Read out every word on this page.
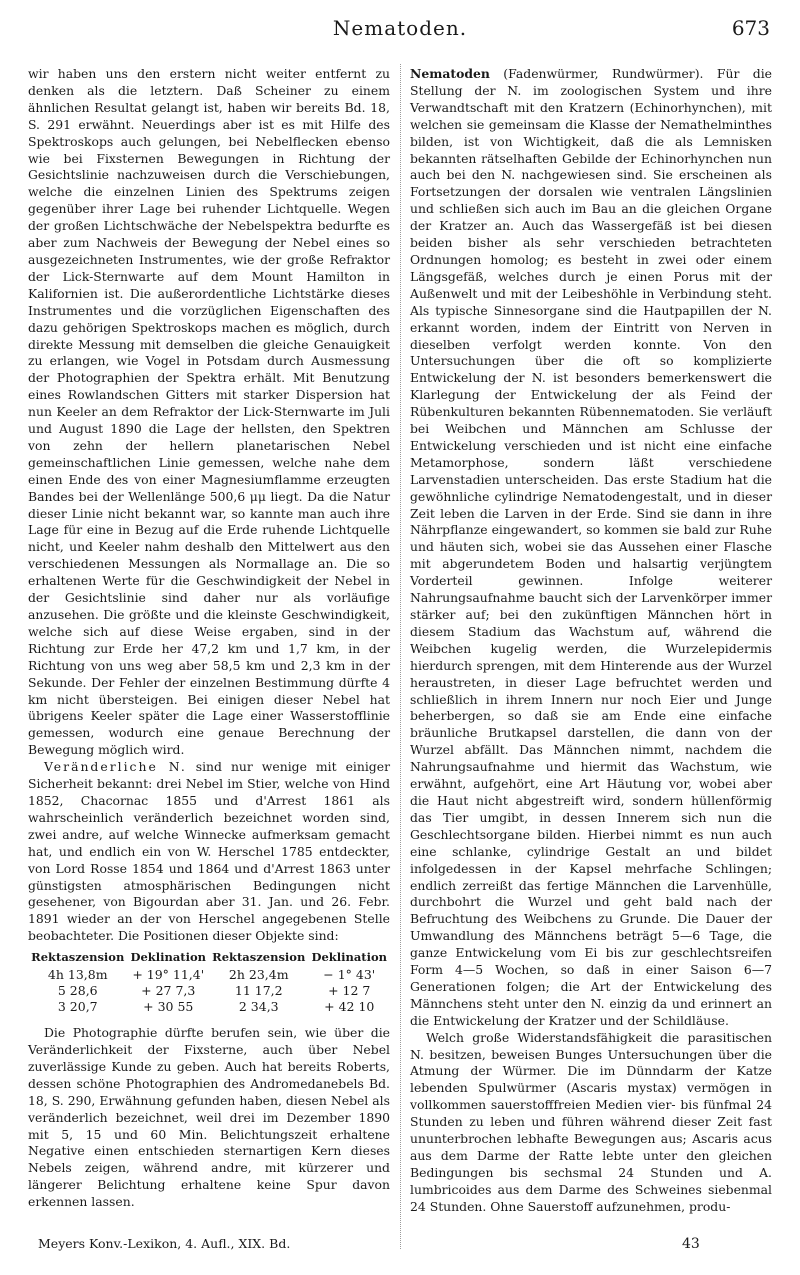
Nematoden.	673

wir haben uns den erstern nicht weiter entfernt zu denken als die letztern. Daß Scheiner zu einem ähnlichen Resultat gelangt ist, haben wir bereits Bd. 18, S. 291 erwähnt. Neuerdings aber ist es mit Hilfe des Spektroskops auch gelungen, bei Nebelflecken ebenso wie bei Fixsternen Bewegungen in Richtung der Gesichtslinie nachzuweisen durch die Verschiebungen, welche die einzelnen Linien des Spektrums zeigen gegenüber ihrer Lage bei ruhender Lichtquelle. Wegen der großen Lichtschwäche der Nebelspektra bedurfte es aber zum Nachweis der Bewegung der Nebel eines so ausgezeichneten Instrumentes, wie der große Refraktor der Lick-Sternwarte auf dem Mount Hamilton in Kalifornien ist. Die außerordentliche Lichtstärke dieses Instrumentes und die vorzüglichen Eigenschaften des dazu gehörigen Spektroskops machen es möglich, durch direkte Messung mit demselben die gleiche Genauigkeit zu erlangen, wie Vogel in Potsdam durch Ausmessung der Photographien der Spektra erhält. Mit Benutzung eines Rowlandschen Gitters mit starker Dispersion hat nun Keeler an dem Refraktor der Lick-Sternwarte im Juli und August 1890 die Lage der hellsten, den Spektren von zehn der hellern planetarischen Nebel gemeinschaftlichen Linie gemessen, welche nahe dem einen Ende des von einer Magnesiumflamme erzeugten Bandes bei der Wellenlänge 500,6 μμ liegt. Da die Natur dieser Linie nicht bekannt war, so kannte man auch ihre Lage für eine in Bezug auf die Erde ruhende Lichtquelle nicht, und Keeler nahm deshalb den Mittelwert aus den verschiedenen Messungen als Normallage an. Die so erhaltenen Werte für die Geschwindigkeit der Nebel in der Gesichtslinie sind daher nur als vorläufige anzusehen. Die größte und die kleinste Geschwindigkeit, welche sich auf diese Weise ergaben, sind in der Richtung zur Erde her 47,2 km und 1,7 km, in der Richtung von uns weg aber 58,5 km und 2,3 km in der Sekunde. Der Fehler der einzelnen Bestimmung dürfte 4 km nicht übersteigen. Bei einigen dieser Nebel hat übrigens Keeler später die Lage einer Wasserstofflinie gemessen, wodurch eine genaue Berechnung der Bewegung möglich wird.

Veränderliche N. sind nur wenige mit einiger Sicherheit bekannt: drei Nebel im Stier, welche von Hind 1852, Chacornac 1855 und d'Arrest 1861 als wahrscheinlich veränderlich bezeichnet worden sind, zwei andre, auf welche Winnecke aufmerksam gemacht hat, und endlich ein von W. Herschel 1785 entdeckter, von Lord Rosse 1854 und 1864 und d'Arrest 1863 unter günstigsten atmosphärischen Bedingungen nicht gesehener, von Bigourdan aber 31. Jan. und 26. Febr. 1891 wieder an der von Herschel angegebenen Stelle beobachteter. Die Positionen dieser Objekte sind:

Rektaszension	Deklination	Rektaszension	Deklination
4h 13,8m	+ 19° 11,4'	2h 23,4m	− 1° 43'
5 28,6	+ 27 7,3	11 17,2	+ 12 7
3 20,7	+ 30 55	2 34,3	+ 42 10

Die Photographie dürfte berufen sein, wie über die Veränderlichkeit der Fixsterne, auch über Nebel zuverlässige Kunde zu geben. Auch hat bereits Roberts, dessen schöne Photographien des Andromedanebels Bd. 18, S. 290, Erwähnung gefunden haben, diesen Nebel als veränderlich bezeichnet, weil drei im Dezember 1890 mit 5, 15 und 60 Min. Belichtungszeit erhaltene Negative einen entschieden sternartigen Kern dieses Nebels zeigen, während andre, mit kürzerer und längerer Belichtung erhaltene keine Spur davon erkennen lassen.

Nematoden (Fadenwürmer, Rundwürmer). Für die Stellung der N. im zoologischen System und ihre Verwandtschaft mit den Kratzern (Echinorhynchen), mit welchen sie gemeinsam die Klasse der Nemathelminthes bilden, ist von Wichtigkeit, daß die als Lemnisken bekannten rätselhaften Gebilde der Echinorhynchen nun auch bei den N. nachgewiesen sind. Sie erscheinen als Fortsetzungen der dorsalen wie ventralen Längslinien und schließen sich auch im Bau an die gleichen Organe der Kratzer an. Auch das Wassergefäß ist bei diesen beiden bisher als sehr verschieden betrachteten Ordnungen homolog; es besteht in zwei oder einem Längsgefäß, welches durch je einen Porus mit der Außenwelt und mit der Leibeshöhle in Verbindung steht. Als typische Sinnesorgane sind die Hautpapillen der N. erkannt worden, indem der Eintritt von Nerven in dieselben verfolgt werden konnte. Von den Untersuchungen über die oft so komplizierte Entwickelung der N. ist besonders bemerkenswert die Klarlegung der Entwickelung der als Feind der Rübenkulturen bekannten Rübennematoden. Sie verläuft bei Weibchen und Männchen am Schlusse der Entwickelung verschieden und ist nicht eine einfache Metamorphose, sondern läßt verschiedene Larvenstadien unterscheiden. Das erste Stadium hat die gewöhnliche cylindrige Nematodengestalt, und in dieser Zeit leben die Larven in der Erde. Sind sie dann in ihre Nährpflanze eingewandert, so kommen sie bald zur Ruhe und häuten sich, wobei sie das Aussehen einer Flasche mit abgerundetem Boden und halsartig verjüngtem Vorderteil gewinnen. Infolge weiterer Nahrungsaufnahme baucht sich der Larvenkörper immer stärker auf; bei den zukünftigen Männchen hört in diesem Stadium das Wachstum auf, während die Weibchen kugelig werden, die Wurzelepidermis hierdurch sprengen, mit dem Hinterende aus der Wurzel heraustreten, in dieser Lage befruchtet werden und schließlich in ihrem Innern nur noch Eier und Junge beherbergen, so daß sie am Ende eine einfache bräunliche Brutkapsel darstellen, die dann von der Wurzel abfällt. Das Männchen nimmt, nachdem die Nahrungsaufnahme und hiermit das Wachstum, wie erwähnt, aufgehört, eine Art Häutung vor, wobei aber die Haut nicht abgestreift wird, sondern hüllenförmig das Tier umgibt, in dessen Innerem sich nun die Geschlechtsorgane bilden. Hierbei nimmt es nun auch eine schlanke, cylindrige Gestalt an und bildet infolgedessen in der Kapsel mehrfache Schlingen; endlich zerreißt das fertige Männchen die Larvenhülle, durchbohrt die Wurzel und geht bald nach der Befruchtung des Weibchens zu Grunde. Die Dauer der Umwandlung des Männchens beträgt 5—6 Tage, die ganze Entwickelung vom Ei bis zur geschlechtsreifen Form 4—5 Wochen, so daß in einer Saison 6—7 Generationen folgen; die Art der Entwickelung des Männchens steht unter den N. einzig da und erinnert an die Entwickelung der Kratzer und der Schildläuse.

Welch große Widerstandsfähigkeit die parasitischen N. besitzen, beweisen Bunges Untersuchungen über die Atmung der Würmer. Die im Dünndarm der Katze lebenden Spulwürmer (Ascaris mystax) vermögen in vollkommen sauerstofffreien Medien vier- bis fünfmal 24 Stunden zu leben und führen während dieser Zeit fast ununterbrochen lebhafte Bewegungen aus; Ascaris acus aus dem Darme der Ratte lebte unter den gleichen Bedingungen bis sechsmal 24 Stunden und A. lumbricoides aus dem Darme des Schweines siebenmal 24 Stunden. Ohne Sauerstoff aufzunehmen, produ-

Meyers Konv.-Lexikon, 4. Aufl., XIX. Bd.	43
